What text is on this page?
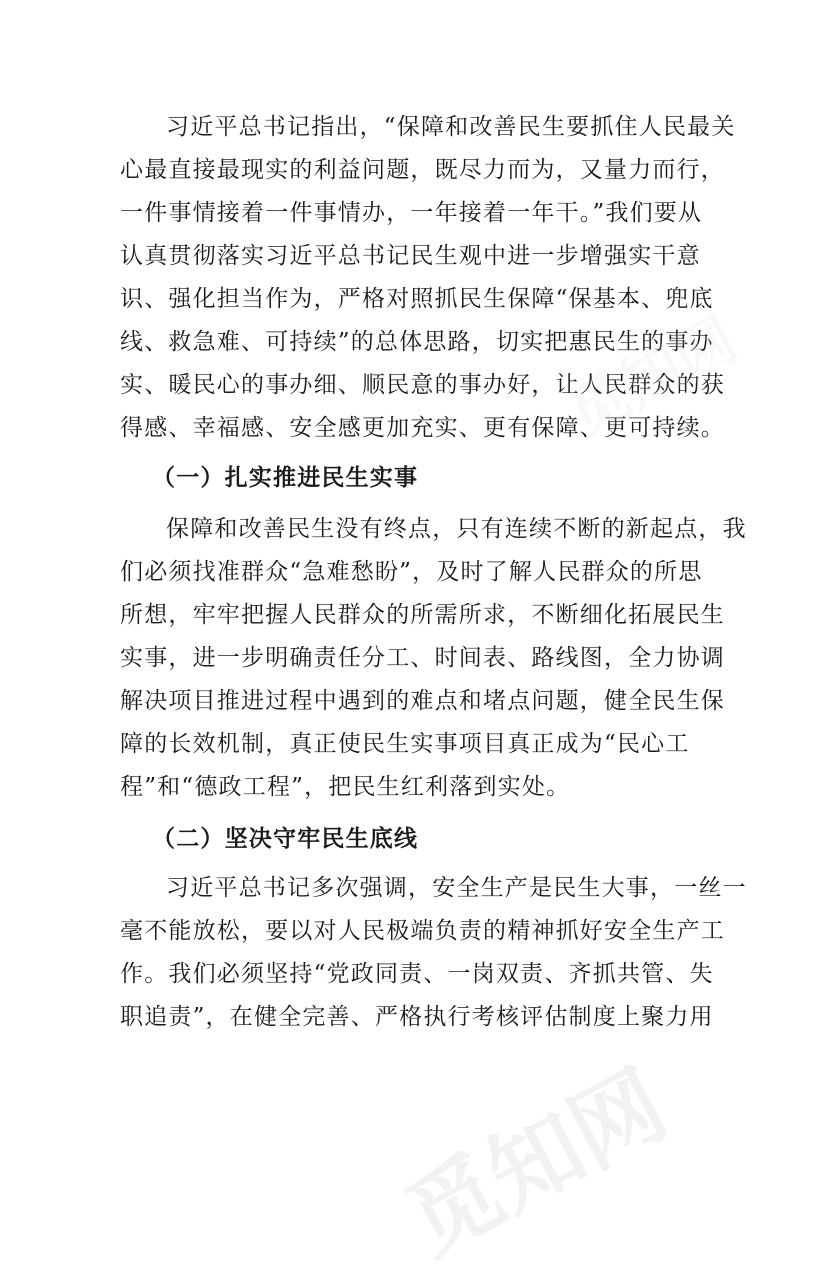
习近平总书记指出，“保障和改善民生要抓住人民最关
心最直接最现实的利益问题，既尽力而为，又量力而行，
一件事情接着一件事情办，一年接着一年干。”我们要从
认真贯彻落实习近平总书记民生观中进一步增强实干意
识、强化担当作为，严格对照抓民生保障“保基本、兜底
线、救急难、可持续”的总体思路，切实把惠民生的事办
实、暖民心的事办细、顺民意的事办好，让人民群众的获
得感、幸福感、安全感更加充实、更有保障、更可持续。
（一）扎实推进民生实事
保障和改善民生没有终点，只有连续不断的新起点，我
们必须找准群众“急难愁盼”，及时了解人民群众的所思
所想，牢牢把握人民群众的所需所求，不断细化拓展民生
实事，进一步明确责任分工、时间表、路线图，全力协调
解决项目推进过程中遇到的难点和堵点问题，健全民生保
障的长效机制，真正使民生实事项目真正成为“民心工
程”和“德政工程”，把民生红利落到实处。
（二）坚决守牢民生底线
习近平总书记多次强调，安全生产是民生大事，一丝一
毫不能放松，要以对人民极端负责的精神抓好安全生产工
作。我们必须坚持“党政同责、一岗双责、齐抓共管、失
职追责”，在健全完善、严格执行考核评估制度上聚力用
觅知网
觅知网
